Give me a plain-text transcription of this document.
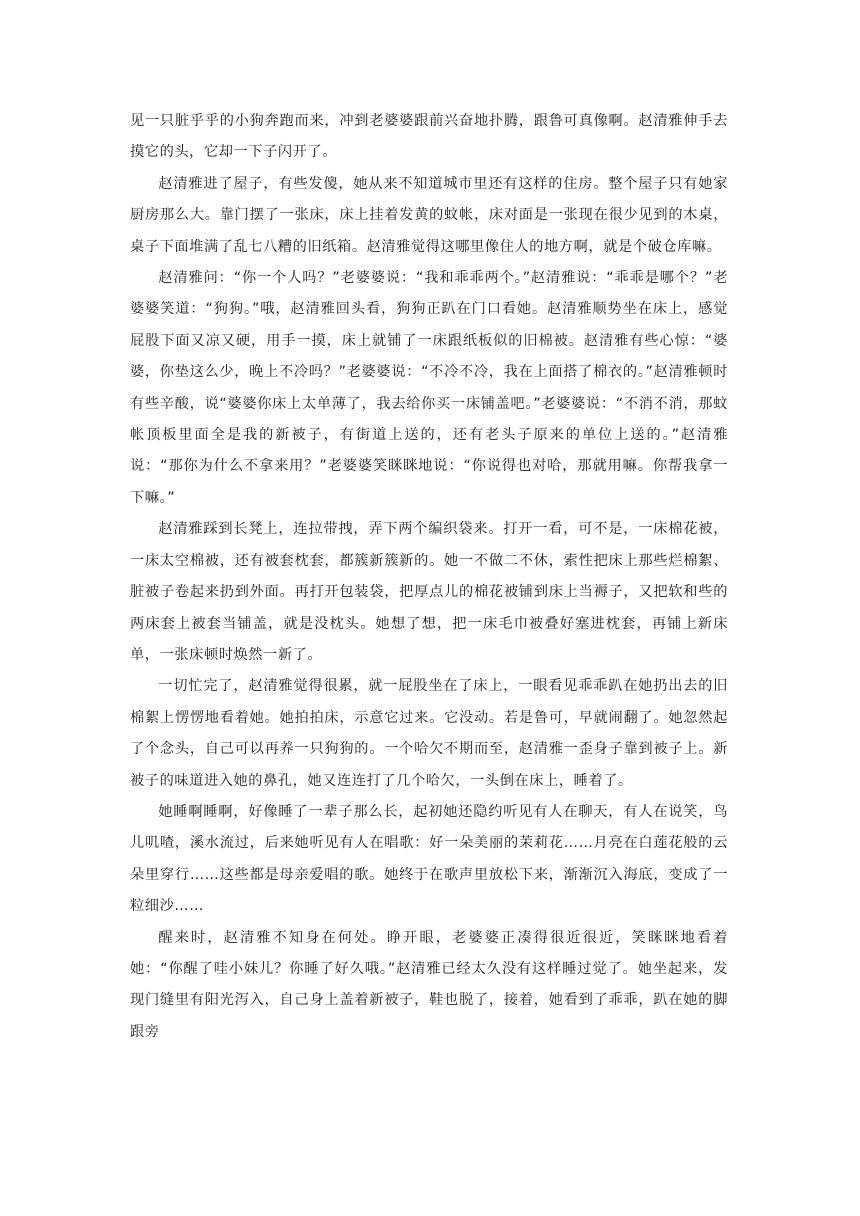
见一只脏乎乎的小狗奔跑而来，冲到老婆婆跟前兴奋地扑腾，跟鲁可真像啊。赵清雅伸手去摸它的头，它却一下子闪开了。

赵清雅进了屋子，有些发傻，她从来不知道城市里还有这样的住房。整个屋子只有她家厨房那么大。靠门摆了一张床，床上挂着发黄的蚊帐，床对面是一张现在很少见到的木桌，桌子下面堆满了乱七八糟的旧纸箱。赵清雅觉得这哪里像住人的地方啊，就是个破仓库嘛。

赵清雅问：“你一个人吗？”老婆婆说：“我和乖乖两个。”赵清雅说：“乖乖是哪个？”老婆婆笑道：“狗狗。”哦，赵清雅回头看，狗狗正趴在门口看她。赵清雅顺势坐在床上，感觉屁股下面又凉又硬，用手一摸，床上就铺了一床跟纸板似的旧棉被。赵清雅有些心惊：“婆婆，你垫这么少，晚上不冷吗？”老婆婆说：“不冷不冷，我在上面搭了棉衣的。”赵清雅顿时有些辛酸，说“婆婆你床上太单薄了，我去给你买一床铺盖吧。”老婆婆说：“不消不消，那蚊帐顶板里面全是我的新被子，有街道上送的，还有老头子原来的单位上送的。”赵清雅说：“那你为什么不拿来用？”老婆婆笑眯眯地说：“你说得也对哈，那就用嘛。你帮我拿一下嘛。”

赵清雅踩到长凳上，连拉带拽，弄下两个编织袋来。打开一看，可不是，一床棉花被，一床太空棉被，还有被套枕套，都簇新簇新的。她一不做二不休，索性把床上那些烂棉絮、脏被子卷起来扔到外面。再打开包装袋，把厚点儿的棉花被铺到床上当褥子，又把软和些的两床套上被套当铺盖，就是没枕头。她想了想，把一床毛巾被叠好塞进枕套，再铺上新床单，一张床顿时焕然一新了。

一切忙完了，赵清雅觉得很累，就一屁股坐在了床上，一眼看见乖乖趴在她扔出去的旧棉絮上愣愣地看着她。她拍拍床，示意它过来。它没动。若是鲁可，早就闹翻了。她忽然起了个念头，自己可以再养一只狗狗的。一个哈欠不期而至，赵清雅一歪身子靠到被子上。新被子的味道进入她的鼻孔，她又连连打了几个哈欠，一头倒在床上，睡着了。

她睡啊睡啊，好像睡了一辈子那么长，起初她还隐约听见有人在聊天，有人在说笑，鸟儿叽喳，溪水流过，后来她听见有人在唱歌：好一朵美丽的茉莉花……月亮在白莲花般的云朵里穿行……这些都是母亲爱唱的歌。她终于在歌声里放松下来，渐渐沉入海底，变成了一粒细沙……

醒来时，赵清雅不知身在何处。睁开眼，老婆婆正凑得很近很近，笑眯眯地看着她：“你醒了哇小妹儿？你睡了好久哦。”赵清雅已经太久没有这样睡过觉了。她坐起来，发现门缝里有阳光泻入，自己身上盖着新被子，鞋也脱了，接着，她看到了乖乖，趴在她的脚跟旁
